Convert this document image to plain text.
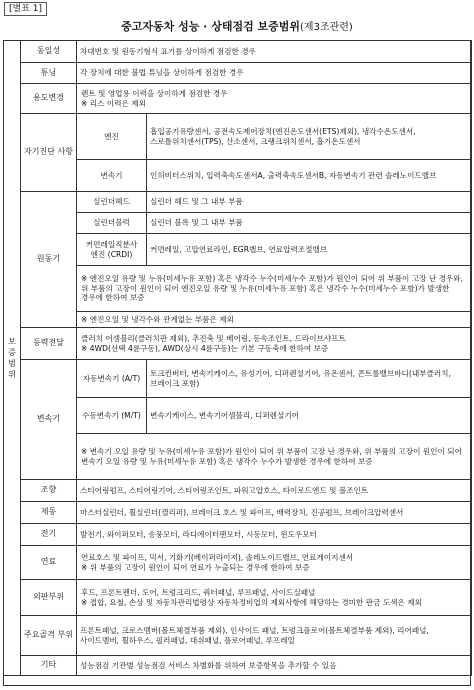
[별표 1]
중고자동차 성능 · 상태점검 보증범위(제3조관련)
보증범위	동일성	차대번호 및 원동기형식 표기를 상이하게 점검한 경우	
	튜닝	각 장치에 대한 불법 튜닝을 상이하게 점검한 경우	
	용도변경	렌트 및 영업용 이력을 상이하게 점검한 경우

※ 리스 이력은 제외	

	자기진단 사항	엔진	흡입공기유량센서, 공전속도제어장치(엔진온도센서(ETS)제외), 냉각수온도센서, 스로틀위치센서(TPS), 산소센서, 크랭크위치센서, 흡기온도센서
		변속기	인히비터스위치, 입력축속도센서A, 출력축속도센서B, 자동변속기 관련 솔레노이드밸브
	원동기	실린더헤드	실린더 헤드 및 그 내부 부품
		실린더블럭	실린더 블록 및 그 내부 부품
		커먼레일직분사 엔진 (CRDI)	커먼레일, 고압연료라인, EGR밸브, 연료압력조절밸브
		※ 엔진오일 유량 및 누유(미세누유 포함) 혹은 냉각수 누수(미세누수 포함)가 원인이 되어 위 부품이 고장 난 경우와, 위 부품의 고장이 원인이 되어 엔진오일 유량 및 누유(미세누유 포함) 혹은 냉각수 누수(미세누수 포함)가 발생한 경우에 한하여 보증	
		※ 엔진오일 및 냉각수와 관계없는 부품은 제외	
	동력전달	클러치 어셈블리(클러치판 제외), 추진축 및 베어링, 등속조인트, 드라이브샤프트

※ 4WD(선택 4륜구동), AWD(상시 4륜구동)는 기본 구동축에 한하여 보증	

	변속기	자동변속기 (A/T)	토크컨버터, 변속기케이스, 유성기어, 디퍼렌셜기어, 유온센서, 콘트롤밸브바디(내부클러치, 브레이크 포함)
		수동변속기 (M/T)	변속기케이스, 변속기어셈블리, 디퍼렌셜기어
		※ 변속기 오일 유량 및 누유(미세누유 포함)가 원인이 되어 위 부품이 고장 난 경우와, 위 부품의 고장이 원인이 되어 변속기 오일 유량 및 누유(미세누유 포함) 혹은 냉각수 누수가 발생한 경우에 한하여 보증	
	조향	스티어링펌프, 스티어링기어, 스티어링조인트, 파워고압호스, 타이로드엔드 및 볼조인트	
	제동	마스터실린더, 휠실린더(캘리퍼), 브레이크 호스 및 파이프, 배력장치, 진공펌프, 브레이크압력센서	
	전기	발전기, 와이퍼모터, 송풍모터, 라디에이터팬모터, 시동모터, 윈도우모터	
	연료	연료호스 및 파이프, 믹서, 기화기(베이퍼라이저), 솔레노이드밸브, 연료게이지센서

※ 위 부품의 고장이 원인이 되어 연료가 누출되는 경우에 한하여 보증	

	외판부위	후드, 프론트펜더, 도어, 트렁크리드, 쿼터패널, 루프패널, 사이드실패널

※ 접합, 요철, 손상 및 자동차관리법령상 자동차정비업의 제외사항에 해당하는 경미한 판금 도색은 제외	

	주요골격 부위	프론트패널, 크로스멤버(볼트체결부품 제외), 인사이드 패널, 트렁크플로어(볼트체결부품 제외), 리어패널, 사이드멤버, 휠하우스, 필러패널, 대쉬패널, 플로어패널, 루프레일	
	기타	성능점검 기관별 성능점검 서비스 차별화를 위하여 보증항목을 추가할 수 있음	
